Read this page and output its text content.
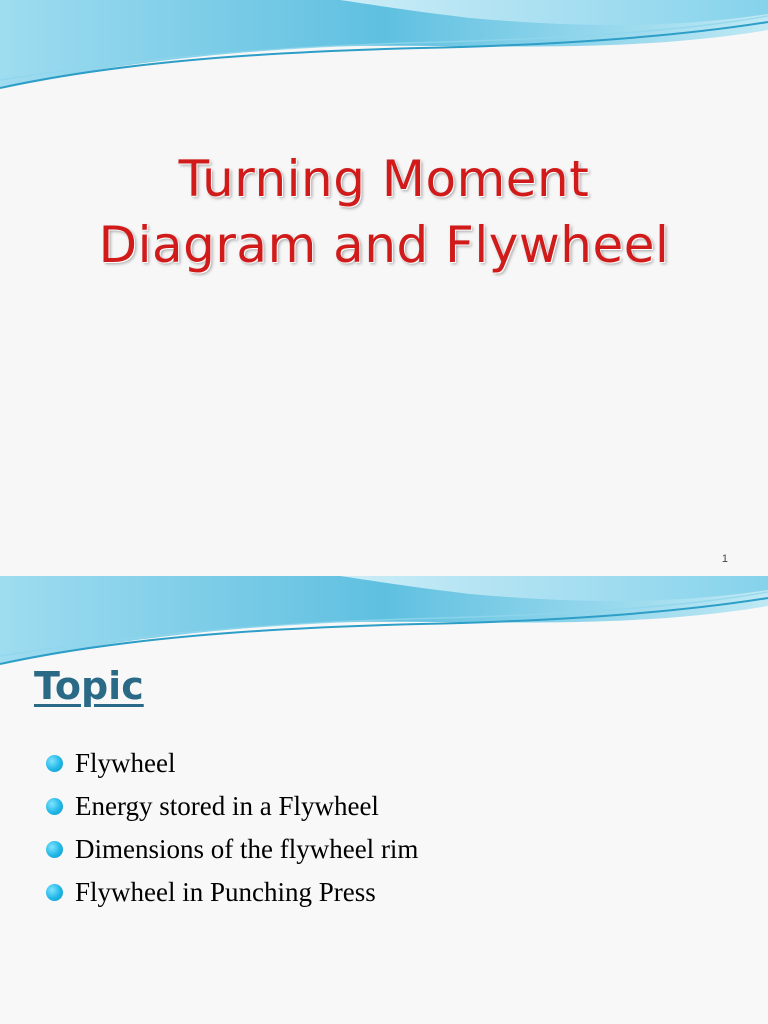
Turning Moment
Diagram and Flywheel
1
Topic
Flywheel
Energy stored in a Flywheel
Dimensions of the flywheel rim
Flywheel in Punching Press
